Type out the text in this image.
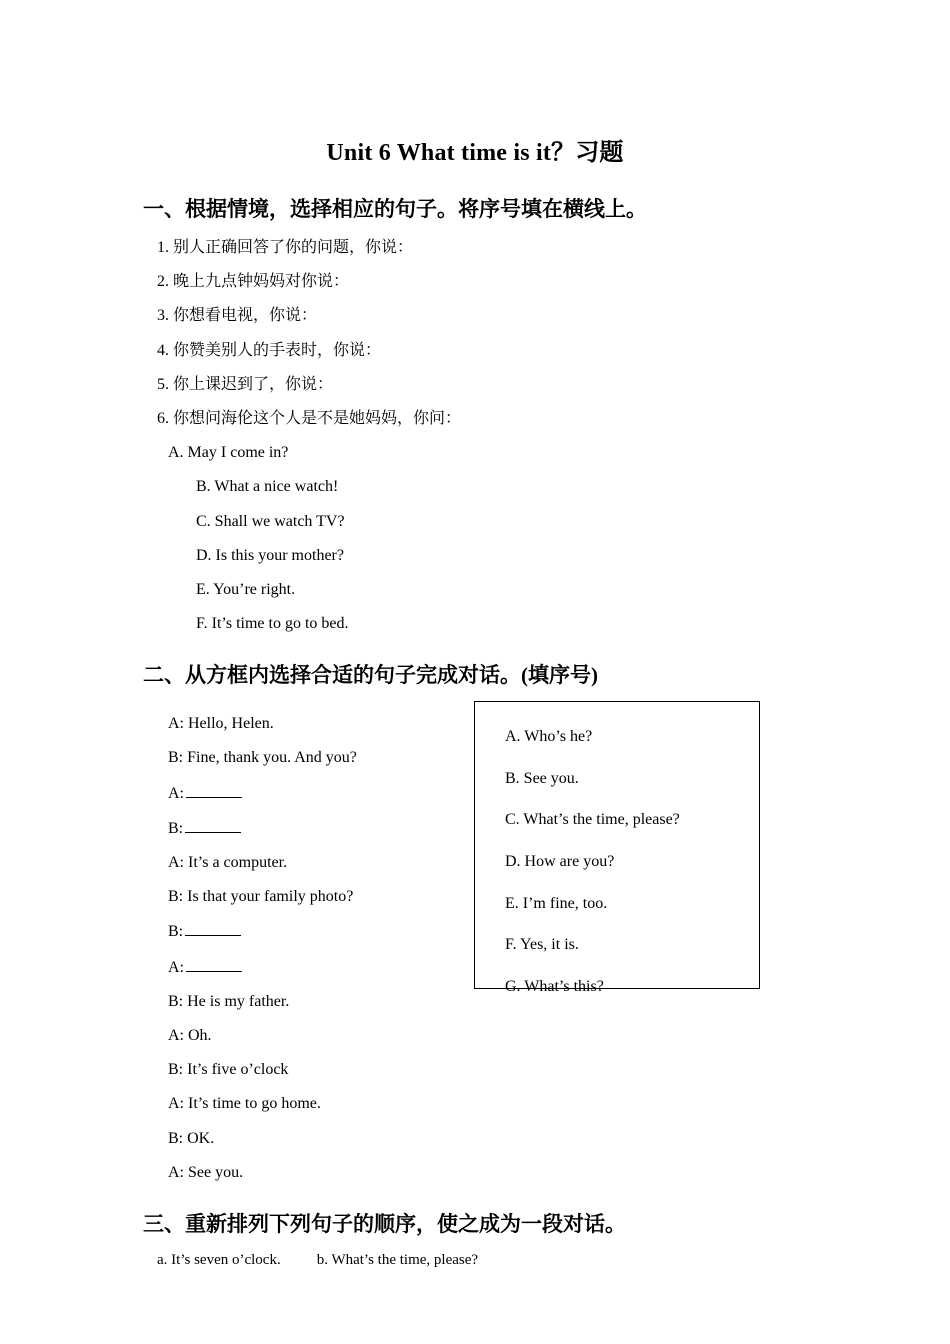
Unit 6 What time is it？习题
一、根据情境，选择相应的句子。将序号填在横线上。
1. 别人正确回答了你的问题，你说：
2. 晚上九点钟妈妈对你说：
3. 你想看电视，你说：
4. 你赞美别人的手表时，你说：
5. 你上课迟到了，你说：
6. 你想问海伦这个人是不是她妈妈，你问：
A. May I come in?
B. What a nice watch!
C. Shall we watch TV?
D. Is this your mother?
E. You’re right.
F. It’s time to go to bed.
二、从方框内选择合适的句子完成对话。(填序号)
A: Hello, Helen.
B: Fine, thank you. And you?
A:
B:
A: It’s a computer.
B: Is that your family photo?
B:
A:
B: He is my father.
A: Oh.
B: It’s five o’clock
A: It’s time to go home.
B: OK.
A: See you.
A. Who’s he?
B. See you.
C. What’s the time, please?
D. How are you?
E. I’m fine, too.
F. Yes, it is.
G. What’s this?
三、重新排列下列句子的顺序，使之成为一段对话。
a. It’s seven o’clock. b. What’s the time, please?
